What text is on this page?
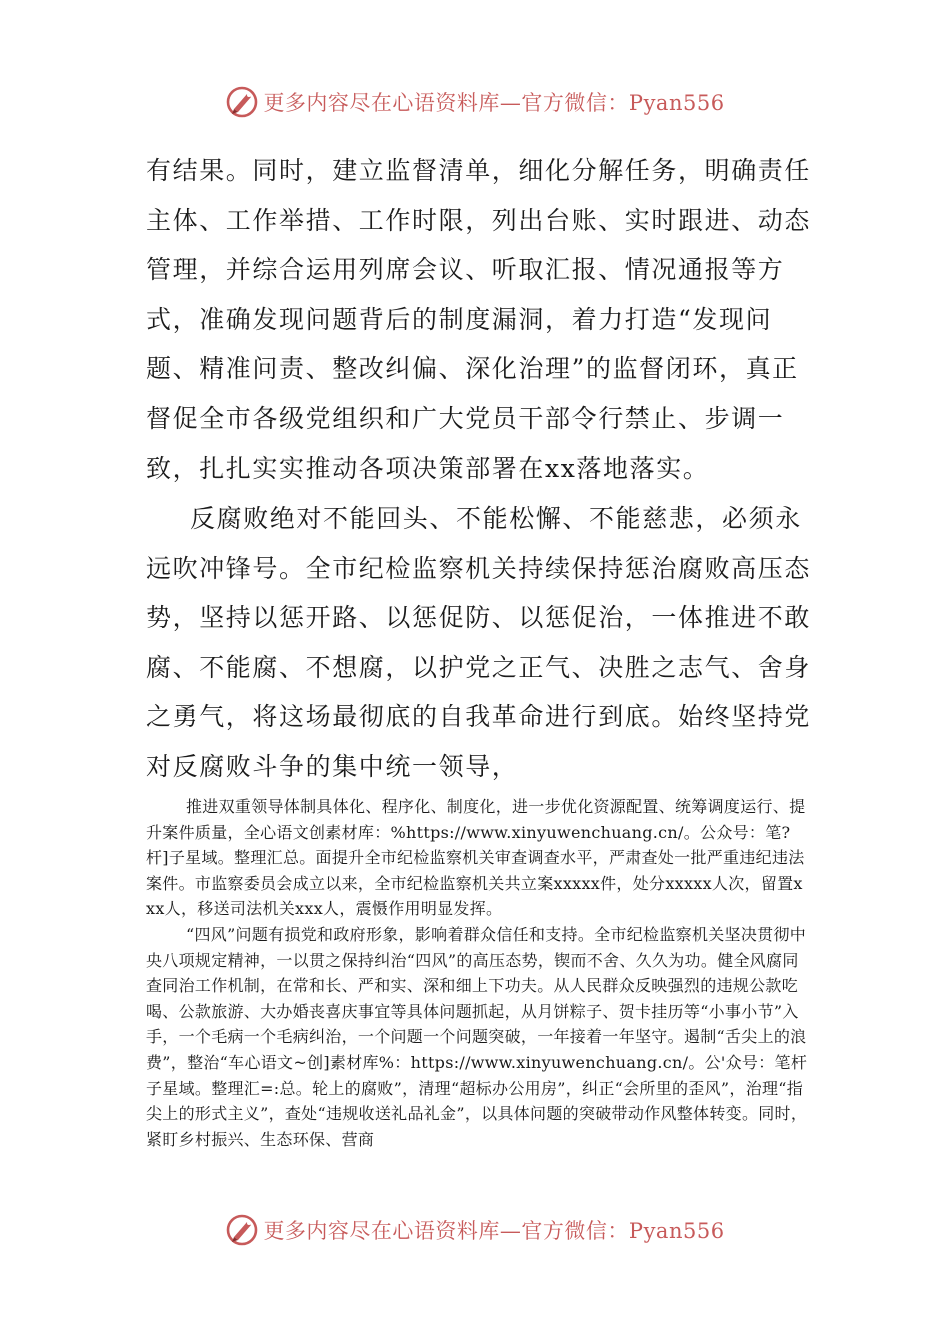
更多内容尽在心语资料库—官方微信：Pyan556

有结果。同时，建立监督清单，细化分解任务，明确责任主体、工作举措、工作时限，列出台账、实时跟进、动态管理，并综合运用列席会议、听取汇报、情况通报等方式，准确发现问题背后的制度漏洞，着力打造“发现问题、精准问责、整改纠偏、深化治理”的监督闭环，真正督促全市各级党组织和广大党员干部令行禁止、步调一致，扎扎实实推动各项决策部署在xx落地落实。

反腐败绝对不能回头、不能松懈、不能慈悲，必须永远吹冲锋号。全市纪检监察机关持续保持惩治腐败高压态势，坚持以惩开路、以惩促防、以惩促治，一体推进不敢腐、不能腐、不想腐，以护党之正气、决胜之志气、舍身之勇气，将这场最彻底的自我革命进行到底。始终坚持党对反腐败斗争的集中统一领导，

推进双重领导体制具体化、程序化、制度化，进一步优化资源配置、统筹调度运行、提升案件质量，全心语文创素材库：%https://www.xinyuwenchuang.cn/。公众号：笔?杆]子星域。整理汇总。面提升全市纪检监察机关审查调查水平，严肃查处一批严重违纪违法案件。市监察委员会成立以来，全市纪检监察机关共立案xxxxx件，处分xxxxx人次，留置xxx人，移送司法机关xxx人，震慑作用明显发挥。

“四风”问题有损党和政府形象，影响着群众信任和支持。全市纪检监察机关坚决贯彻中央八项规定精神，一以贯之保持纠治“四风”的高压态势，锲而不舍、久久为功。健全风腐同查同治工作机制，在常和长、严和实、深和细上下功夫。从人民群众反映强烈的违规公款吃喝、公款旅游、大办婚丧喜庆事宜等具体问题抓起，从月饼粽子、贺卡挂历等“小事小节”入手，一个毛病一个毛病纠治，一个问题一个问题突破，一年接着一年坚守。遏制“舌尖上的浪费”，整治“车心语文~创]素材库%：https://www.xinyuwenchuang.cn/。公'众号：笔杆子星域。整理汇=:总。轮上的腐败”，清理“超标办公用房”，纠正“会所里的歪风”，治理“指尖上的形式主义”，查处“违规收送礼品礼金”，以具体问题的突破带动作风整体转变。同时，紧盯乡村振兴、生态环保、营商

更多内容尽在心语资料库—官方微信：Pyan556
